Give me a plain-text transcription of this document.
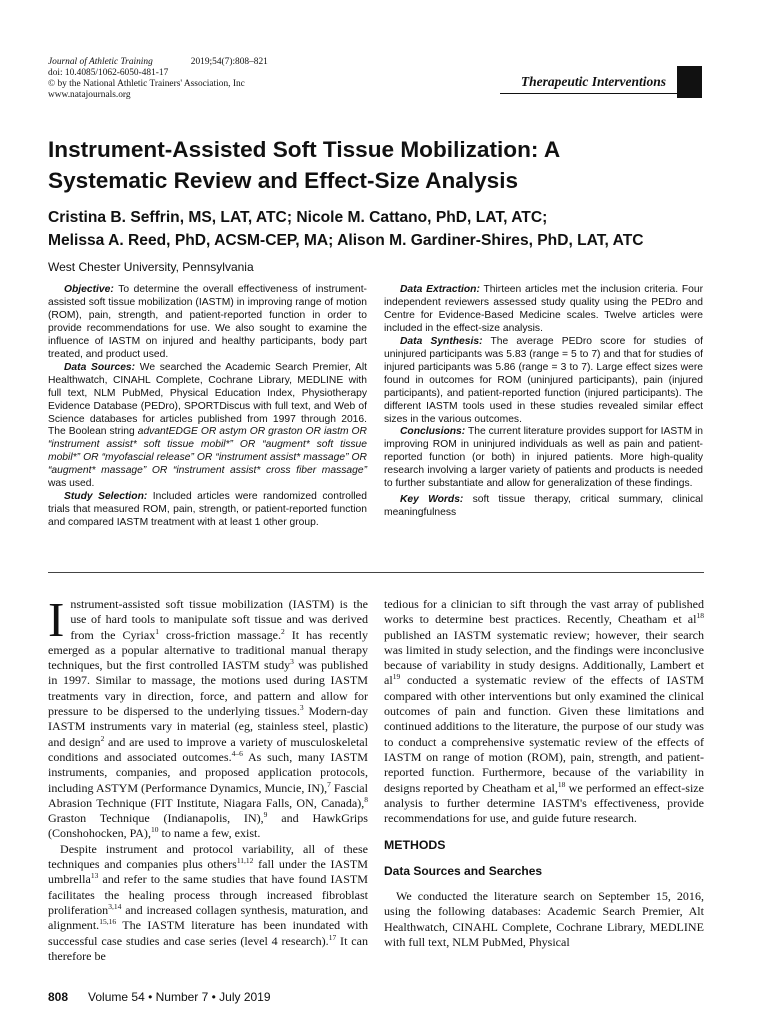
Journal of Athletic Training	2019;54(7):808–821
doi: 10.4085/1062-6050-481-17
© by the National Athletic Trainers' Association, Inc
www.natajournals.org
Therapeutic Interventions
Instrument-Assisted Soft Tissue Mobilization: A
Systematic Review and Effect-Size Analysis
Cristina B. Seffrin, MS, LAT, ATC; Nicole M. Cattano, PhD, LAT, ATC;
Melissa A. Reed, PhD, ACSM-CEP, MA; Alison M. Gardiner-Shires, PhD, LAT, ATC
West Chester University, Pennsylvania

Objective: To determine the overall effectiveness of instrument-assisted soft tissue mobilization (IASTM) in improving range of motion (ROM), pain, strength, and patient-reported function in order to provide recommendations for use. We also sought to examine the influence of IASTM on injured and healthy participants, body part treated, and product used.

Data Sources: We searched the Academic Search Premier, Alt Healthwatch, CINAHL Complete, Cochrane Library, MEDLINE with full text, NLM PubMed, Physical Education Index, Physiotherapy Evidence Database (PEDro), SPORTDiscus with full text, and Web of Science databases for articles published from 1997 through 2016. The Boolean string advantEDGE OR astym OR graston OR iastm OR “instrument assist* soft tissue mobil*” OR “augment* soft tissue mobil*” OR “myofascial release” OR “instrument assist* massage” OR “augment* massage” OR “instrument assist* cross fiber massage” was used.

Study Selection: Included articles were randomized controlled trials that measured ROM, pain, strength, or patient-reported function and compared IASTM treatment with at least 1 other group.

Data Extraction: Thirteen articles met the inclusion criteria. Four independent reviewers assessed study quality using the PEDro and Centre for Evidence-Based Medicine scales. Twelve articles were included in the effect-size analysis.

Data Synthesis: The average PEDro score for studies of uninjured participants was 5.83 (range = 5 to 7) and that for studies of injured participants was 5.86 (range = 3 to 7). Large effect sizes were found in outcomes for ROM (uninjured participants), pain (injured participants), and patient-reported function (injured participants). The different IASTM tools used in these studies revealed similar effect sizes in the various outcomes.

Conclusions: The current literature provides support for IASTM in improving ROM in uninjured individuals as well as pain and patient-reported function (or both) in injured patients. More high-quality research involving a larger variety of patients and products is needed to further substantiate and allow for generalization of these findings.

Key Words: soft tissue therapy, critical summary, clinical meaningfulness

Instrument-assisted soft tissue mobilization (IASTM) is the use of hard tools to manipulate soft tissue and was derived from the Cyriax$^1$ cross-friction massage.$^2$ It has recently emerged as a popular alternative to traditional manual therapy techniques, but the first controlled IASTM study$^3$ was published in 1997. Similar to massage, the motions used during IASTM treatments vary in direction, force, and pattern and allow for pressure to be dispersed to the underlying tissues.$^3$ Modern-day IASTM instruments vary in material (eg, stainless steel, plastic) and design$^2$ and are used to improve a variety of musculoskeletal conditions and associated outcomes.$^{4-6}$ As such, many IASTM instruments, companies, and proposed application protocols, including ASTYM (Performance Dynamics, Muncie, IN),$^7$ Fascial Abrasion Technique (FIT Institute, Niagara Falls, ON, Canada),$^8$ Graston Technique (Indianapolis, IN),$^9$ and HawkGrips (Conshohocken, PA),$^{10}$ to name a few, exist.

Despite instrument and protocol variability, all of these techniques and companies plus others$^{11,12}$ fall under the IASTM umbrella$^{13}$ and refer to the same studies that have found IASTM facilitates the healing process through increased fibroblast proliferation$^{3,14}$ and increased collagen synthesis, maturation, and alignment.$^{15,16}$ The IASTM literature has been inundated with successful case studies and case series (level 4 research).$^{17}$ It can therefore be

tedious for a clinician to sift through the vast array of published works to determine best practices. Recently, Cheatham et $al^{18}$ published an IASTM systematic review; however, their search was limited in study selection, and the findings were inconclusive because of variability in study designs. Additionally, Lambert et $al^{19}$ conducted a systematic review of the effects of IASTM compared with other interventions but only examined the clinical outcomes of pain and function. Given these limitations and continued additions to the literature, the purpose of our study was to conduct a comprehensive systematic review of the effects of IASTM on range of motion (ROM), pain, strength, and patient-reported function. Furthermore, because of the variability in designs reported by Cheatham et al,$^{18}$ we performed an effect-size analysis to further determine IASTM's effectiveness, provide recommendations for use, and guide future research.

METHODS
Data Sources and Searches

We conducted the literature search on September 15, 2016, using the following databases: Academic Search Premier, Alt Healthwatch, CINAHL Complete, Cochrane Library, MEDLINE with full text, NLM PubMed, Physical

808 Volume 54 • Number 7 • July 2019
